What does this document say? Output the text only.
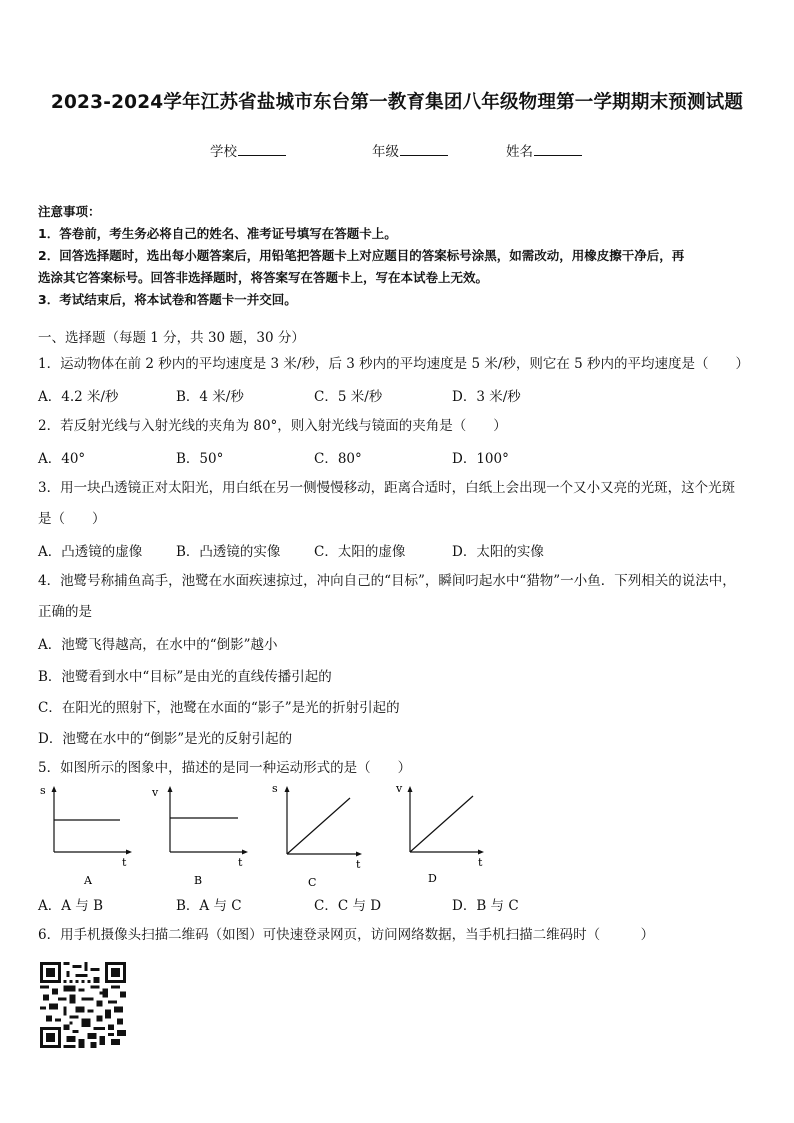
2023-2024学年江苏省盐城市东台第一教育集团八年级物理第一学期期末预测试题
学校	年级	姓名
注意事项：
1．答卷前，考生务必将自己的姓名、准考证号填写在答题卡上。
2．回答选择题时，选出每小题答案后，用铅笔把答题卡上对应题目的答案标号涂黑，如需改动，用橡皮擦干净后，再
选涂其它答案标号。回答非选择题时，将答案写在答题卡上，写在本试卷上无效。
3．考试结束后，将本试卷和答题卡一并交回。
一、选择题（每题 1 分，共 30 题，30 分）
1．运动物体在前 2 秒内的平均速度是 3 米/秒，后 3 秒内的平均速度是 5 米/秒，则它在 5 秒内的平均速度是（　　）
A．4.2 米/秒	B．4 米/秒	C．5 米/秒	D．3 米/秒
2．若反射光线与入射光线的夹角为 80°，则入射光线与镜面的夹角是（　　）
A．40°	B．50°	C．80°	D．100°
3．用一块凸透镜正对太阳光，用白纸在另一侧慢慢移动，距离合适时，白纸上会出现一个又小又亮的光斑，这个光斑
是（　　）
A．凸透镜的虚像	B．凸透镜的实像 C．太阳的虚像	D．太阳的实像
4．池鹭号称捕鱼高手，池鹭在水面疾速掠过，冲向自己的“目标”，瞬间叼起水中“猎物”一小鱼．下列相关的说法中，
正确的是
A．池鹭飞得越高，在水中的“倒影”越小
B．池鹭看到水中“目标”是由光的直线传播引起的
C．在阳光的照射下，池鹭在水面的“影子”是光的折射引起的
D．池鹭在水中的“倒影”是光的反射引起的
5．如图所示的图象中，描述的是同一种运动形式的是（　　）
s
t
A
v
t
B
s
t
C
v
t
D
A．A 与 B	B．A 与 C	C．C 与 D	D．B 与 C
6．用手机摄像头扫描二维码（如图）可快速登录网页，访问网络数据，当手机扫描二维码时（　　　）
